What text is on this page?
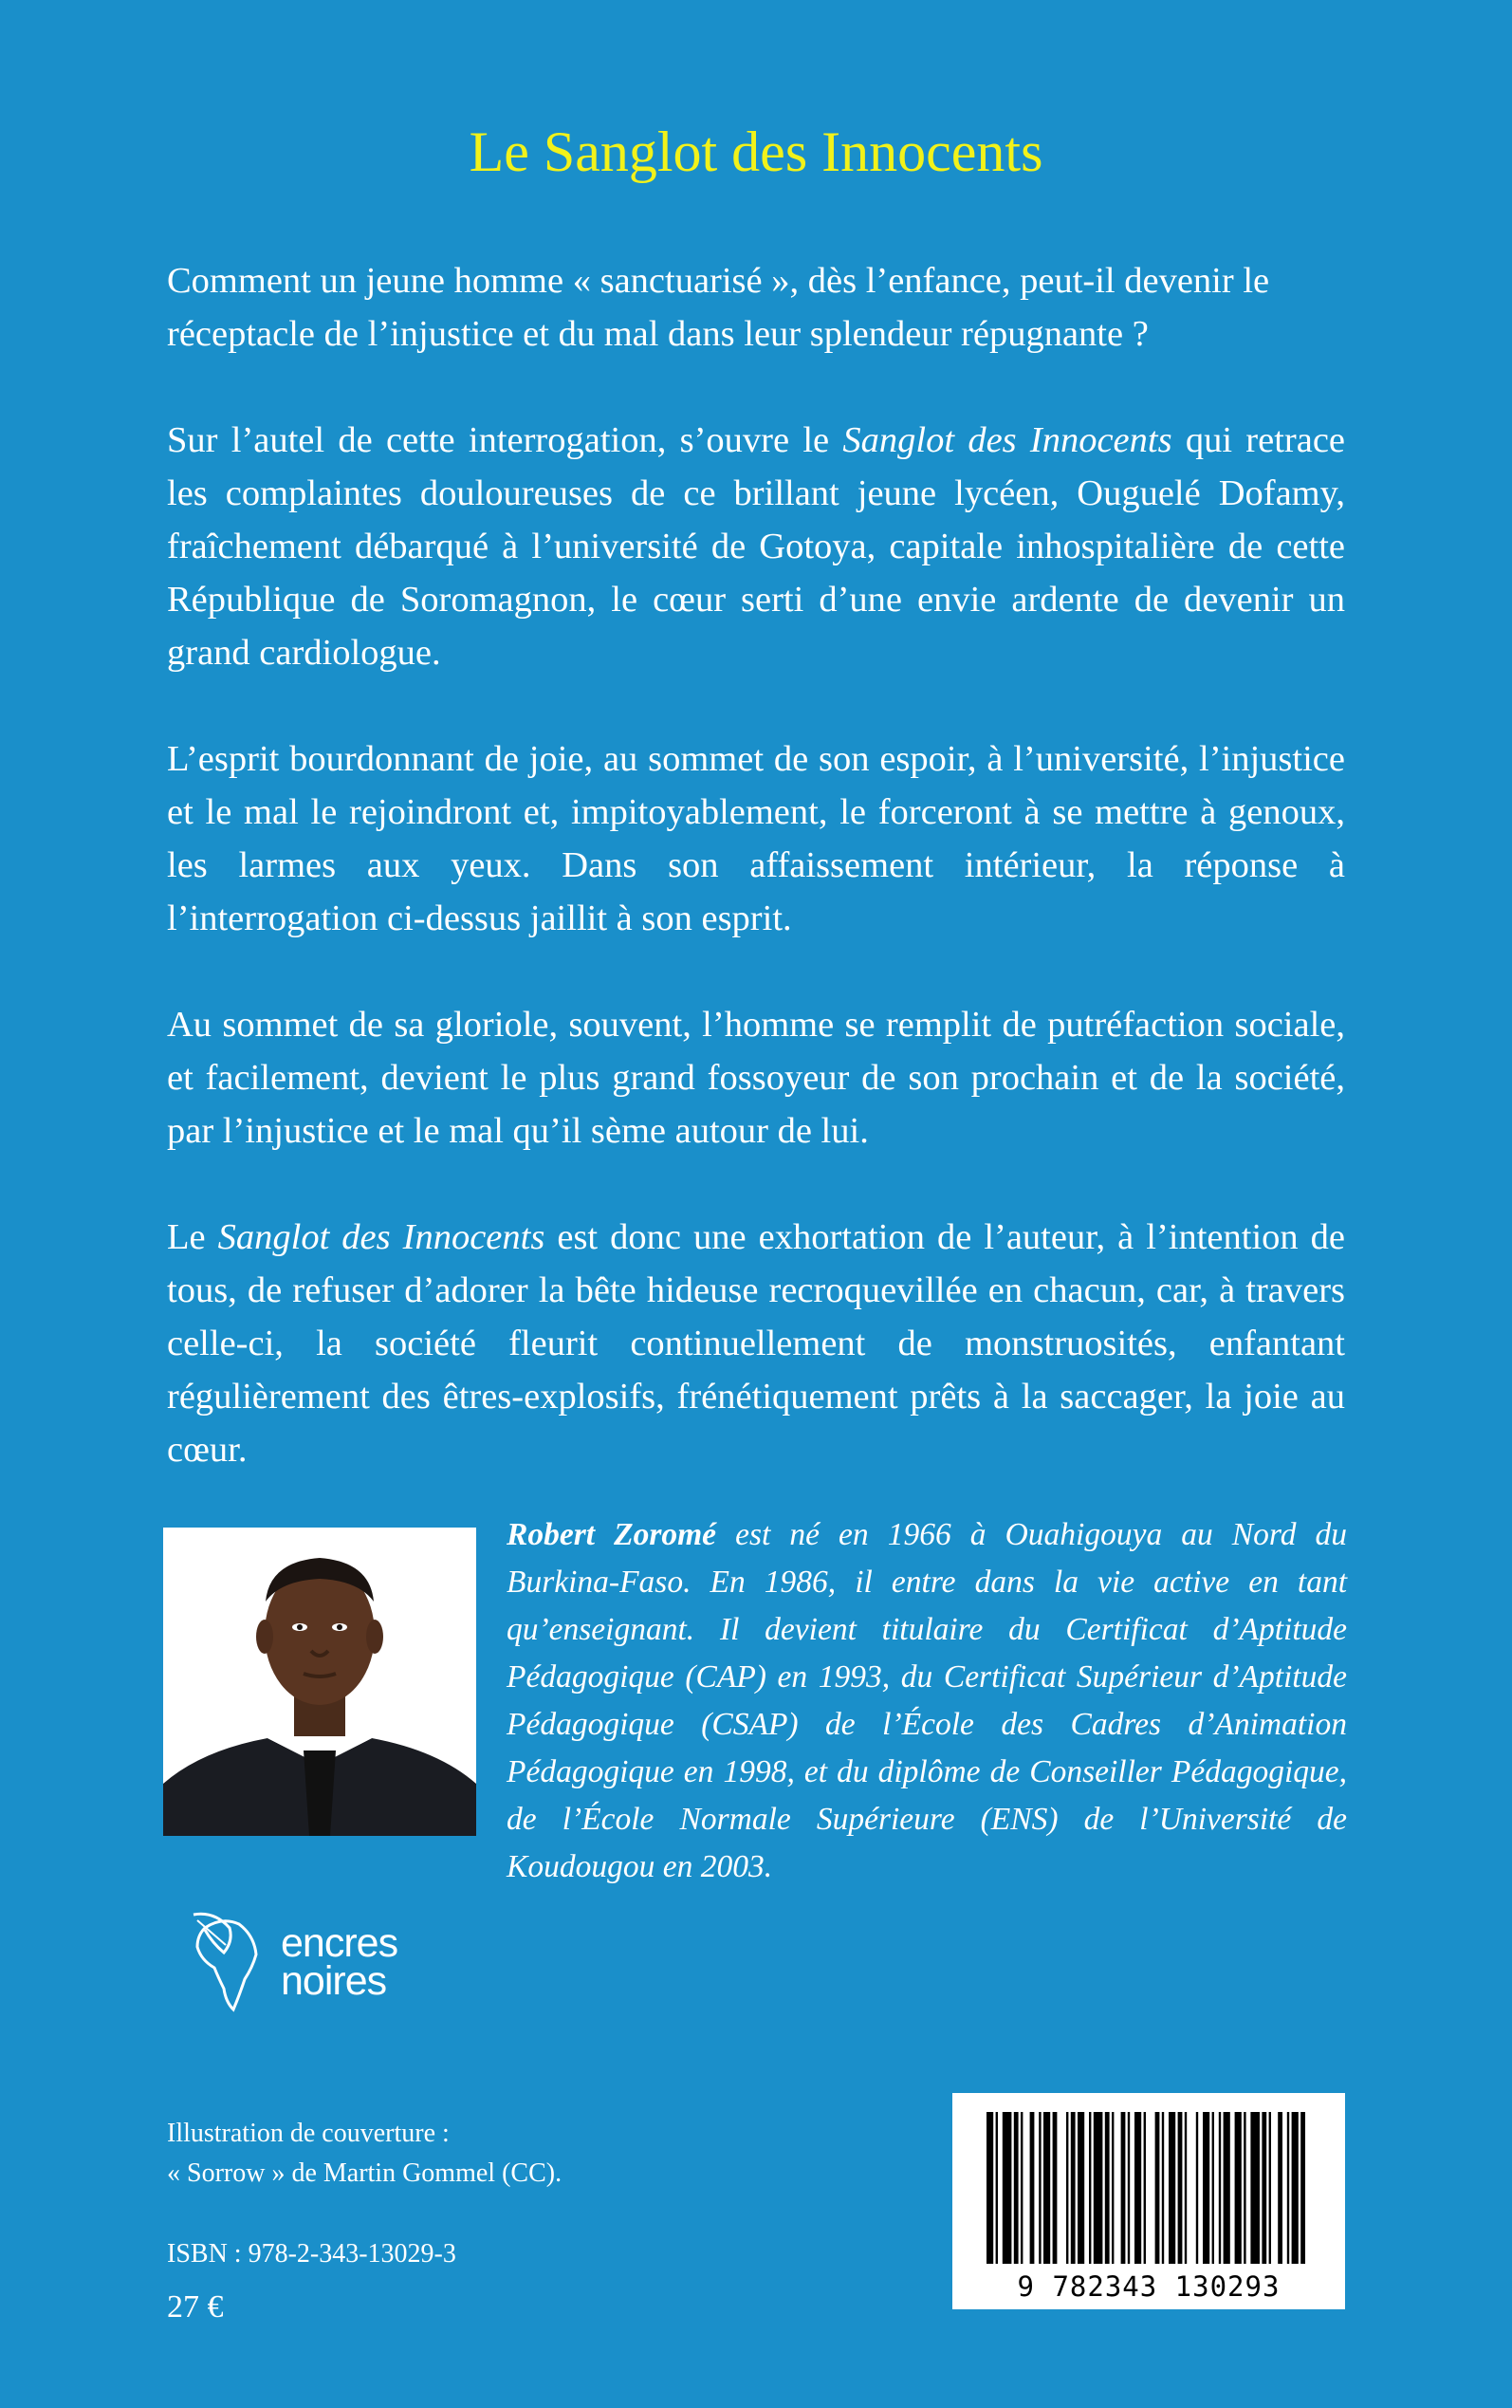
Le Sanglot des Innocents

Comment un jeune homme « sanctuarisé », dès l’enfance, peut-il devenir le réceptacle de l’injustice et du mal dans leur splendeur répugnante ?

Sur l’autel de cette interrogation, s’ouvre le Sanglot des Innocents qui retrace les complaintes douloureuses de ce brillant jeune lycéen, Ouguelé Dofamy, fraîchement débarqué à l’université de Gotoya, capitale inhospitalière de cette République de Soromagnon, le cœur serti d’une envie ardente de devenir un grand cardiologue.

L’esprit bourdonnant de joie, au sommet de son espoir, à l’université, l’injustice et le mal le rejoindront et, impitoyablement, le forceront à se mettre à genoux, les larmes aux yeux. Dans son affaissement intérieur, la réponse à l’interrogation ci-dessus jaillit à son esprit.

Au sommet de sa gloriole, souvent, l’homme se remplit de putréfaction sociale, et facilement, devient le plus grand fossoyeur de son prochain et de la société, par l’injustice et le mal qu’il sème autour de lui.

Le Sanglot des Innocents est donc une exhortation de l’auteur, à l’intention de tous, de refuser d’adorer la bête hideuse recroquevillée en chacun, car, à travers celle-ci, la société fleurit continuellement de monstruosités, enfantant régulièrement des êtres-explosifs, frénétiquement prêts à la saccager, la joie au cœur.

Robert Zoromé est né en 1966 à Ouahigouya au Nord du Burkina-Faso. En 1986, il entre dans la vie active en tant qu’enseignant. Il devient titulaire du Certificat d’Aptitude Pédagogique (CAP) en 1993, du Certificat Supérieur d’Aptitude Pédagogique (CSAP) de l’École des Cadres d’Animation Pédagogique en 1998, et du diplôme de Conseiller Pédagogique, de l’École Normale Supérieure (ENS) de l’Université de Koudougou en 2003.
encres
noires
Illustration de couverture :
« Sorrow » de Martin Gommel (CC).
ISBN : 978-2-343-13029-3
27 €
9 782343 130293
